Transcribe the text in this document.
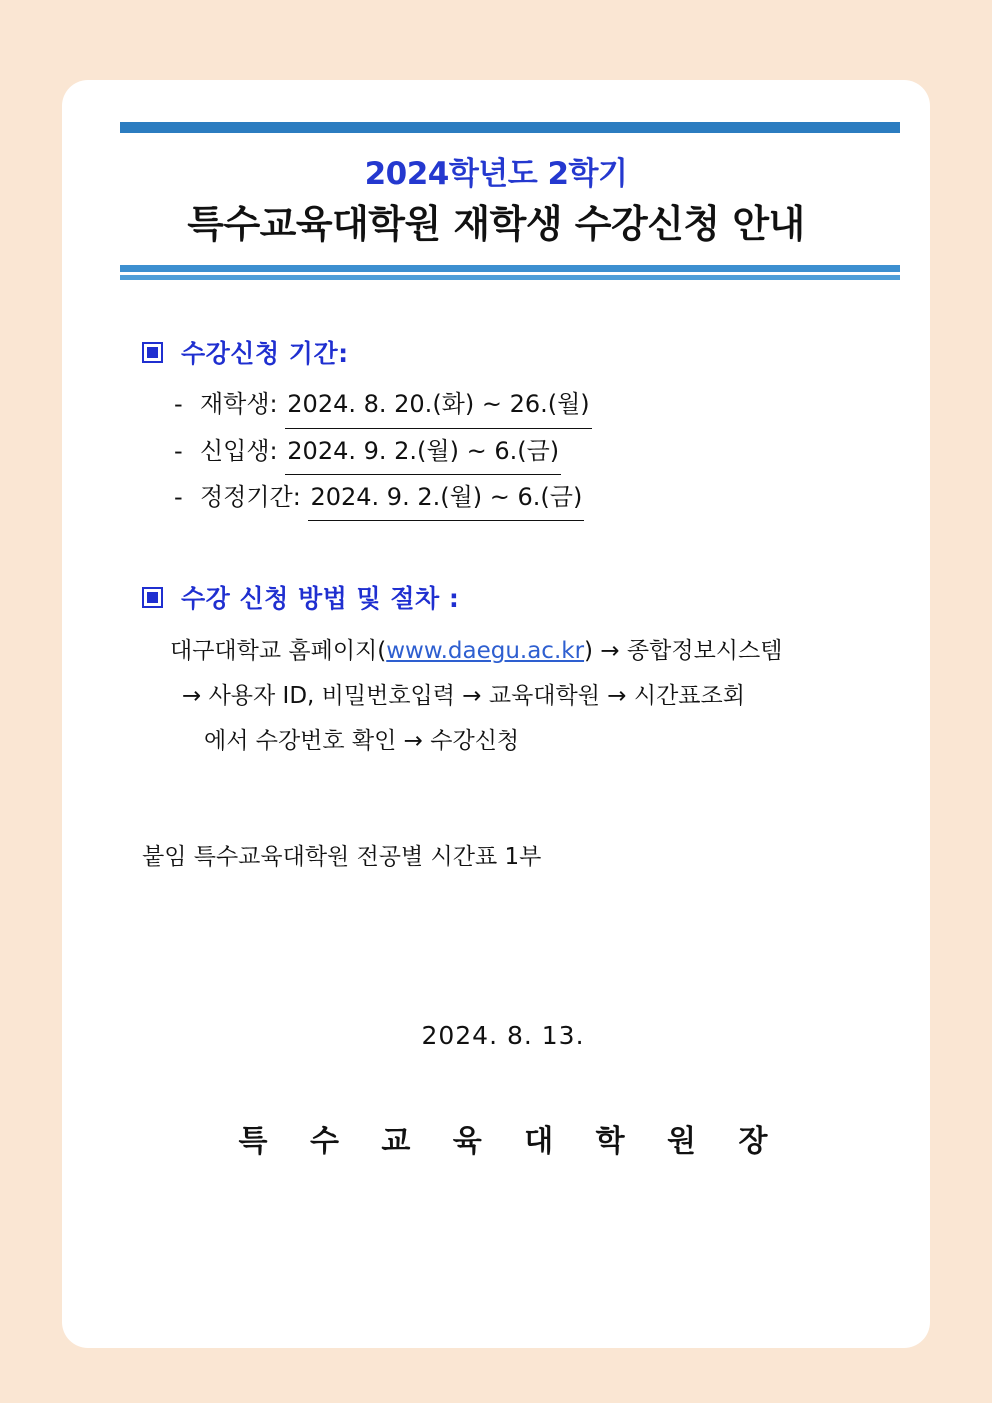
2024학년도 2학기
특수교육대학원 재학생 수강신청 안내
수강신청 기간:
- 재학생:
2024. 8. 20.(화) ~ 26.(월)
- 신입생:
2024. 9. 2.(월) ~ 6.(금)
- 정정기간:
2024. 9. 2.(월) ~ 6.(금)
수강 신청 방법 및 절차 :
대구대학교 홈페이지(www.daegu.ac.kr) → 종합정보시스템
→ 사용자 ID, 비밀번호입력 → 교육대학원 → 시간표조회
에서 수강번호 확인 → 수강신청
붙임 특수교육대학원 전공별 시간표 1부
2024. 8. 13.
특 수 교 육 대 학 원 장
